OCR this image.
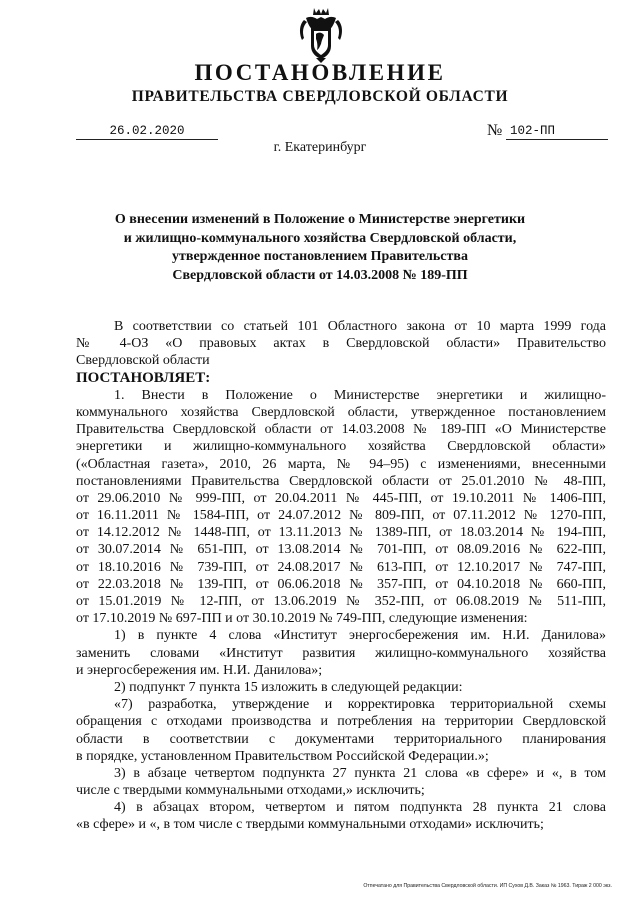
ПОСТАНОВЛЕНИЕ
ПРАВИТЕЛЬСТВА СВЕРДЛОВСКОЙ ОБЛАСТИ
26.02.2020	№ 102-ПП
г. Екатеринбург
О внесении изменений в Положение о Министерстве энергетики
и жилищно-коммунального хозяйства Свердловской области,
утвержденное постановлением Правительства
Свердловской области от 14.03.2008 № 189-ПП
В соответствии со статьей 101 Областного закона от 10 марта 1999 года
№ 4-ОЗ «О правовых актах в Свердловской области» Правительство
Свердловской области
ПОСТАНОВЛЯЕТ:
1. Внести в Положение о Министерстве энергетики и жилищно-
коммунального хозяйства Свердловской области, утвержденное постановлением
Правительства Свердловской области от 14.03.2008 № 189-ПП «О Министерстве
энергетики и жилищно-коммунального хозяйства Свердловской области»
(«Областная газета», 2010, 26 марта, № 94–95) с изменениями, внесенными
постановлениями Правительства Свердловской области от 25.01.2010 № 48-ПП,
от 29.06.2010 № 999-ПП, от 20.04.2011 № 445-ПП, от 19.10.2011 № 1406-ПП,
от 16.11.2011 № 1584-ПП, от 24.07.2012 № 809-ПП, от 07.11.2012 № 1270-ПП,
от 14.12.2012 № 1448-ПП, от 13.11.2013 № 1389-ПП, от 18.03.2014 № 194-ПП,
от 30.07.2014 № 651-ПП, от 13.08.2014 № 701-ПП, от 08.09.2016 № 622-ПП,
от 18.10.2016 № 739-ПП, от 24.08.2017 № 613-ПП, от 12.10.2017 № 747-ПП,
от 22.03.2018 № 139-ПП, от 06.06.2018 № 357-ПП, от 04.10.2018 № 660-ПП,
от 15.01.2019 № 12-ПП, от 13.06.2019 № 352-ПП, от 06.08.2019 № 511-ПП,
от 17.10.2019 № 697-ПП и от 30.10.2019 № 749-ПП, следующие изменения:
1) в пункте 4 слова «Институт энергосбережения им. Н.И. Данилова»
заменить словами «Институт развития жилищно-коммунального хозяйства
и энергосбережения им. Н.И. Данилова»;
2) подпункт 7 пункта 15 изложить в следующей редакции:
«7) разработка, утверждение и корректировка территориальной схемы
обращения с отходами производства и потребления на территории Свердловской
области в соответствии с документами территориального планирования
в порядке, установленном Правительством Российской Федерации.»;
3) в абзаце четвертом подпункта 27 пункта 21 слова «в сфере» и «, в том
числе с твердыми коммунальными отходами,» исключить;
4) в абзацах втором, четвертом и пятом подпункта 28 пункта 21 слова
«в сфере» и «, в том числе с твердыми коммунальными отходами» исключить;
Отпечатано для Правительства Свердловской области. ИП Сухов Д.В. Заказ № 1963. Тираж 2 000 экз.
